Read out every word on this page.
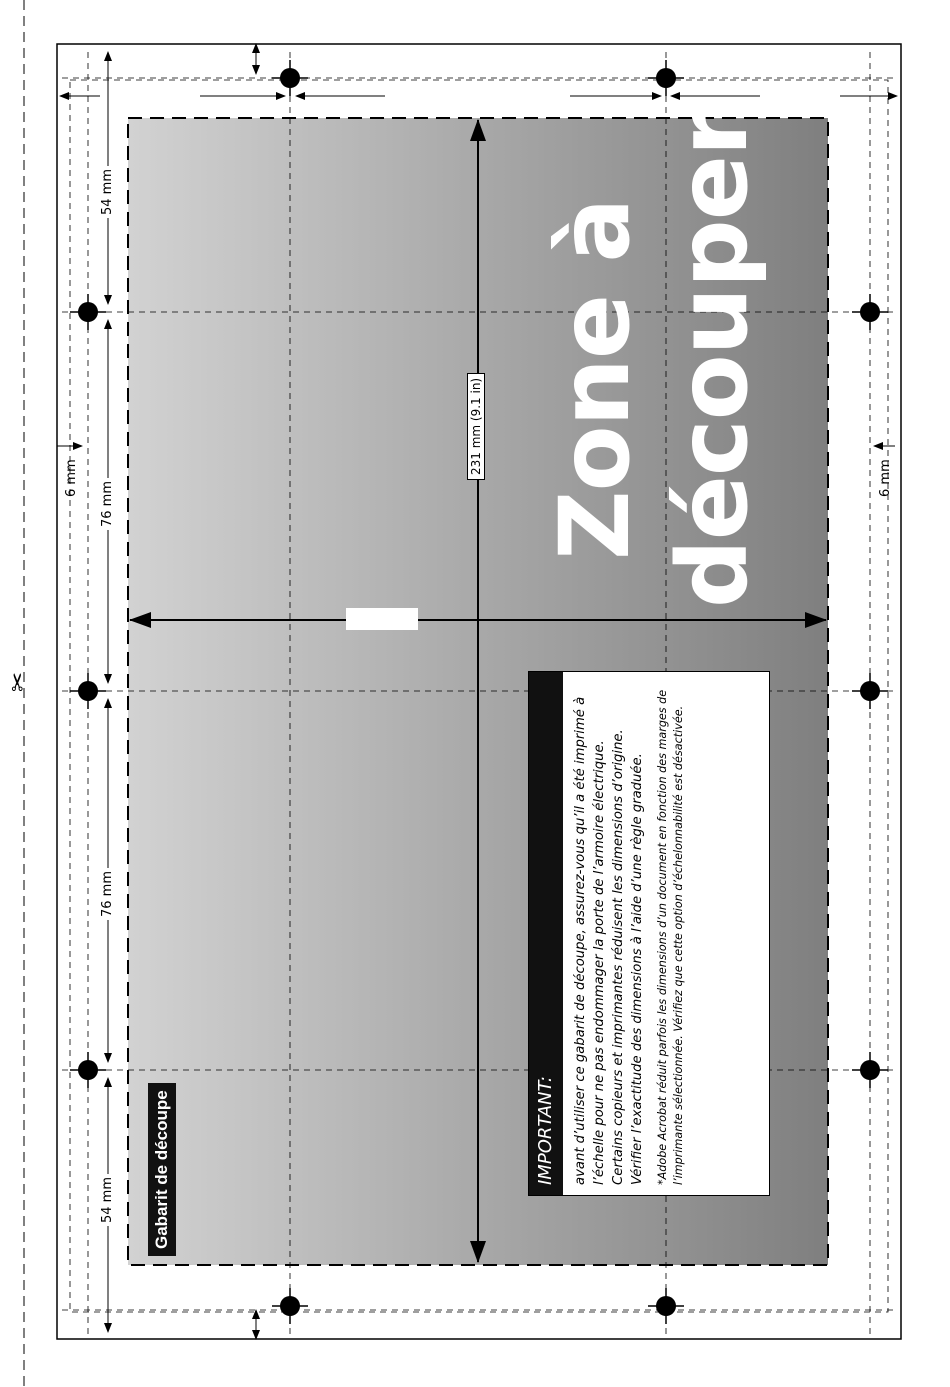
✂
54 mm
76 mm
76 mm
54 mm
6 mm	6 mm
Gabarit de découpe
231 mm (9.1 in) Zone à découper
IMPORTANT:	avant d’utiliser ce gabarit de découpe, assurez-vous qu’il a été imprimé à l’échelle pour ne pas endommager la porte de l’armoire électrique. Certains copieurs et imprimantes réduisent les dimensions d’origine. Vérifier l’exactitude des dimensions à l’aide d’une règle graduée. *Adobe Acrobat réduit parfois les dimensions d’un document en fonction des marges de l’imprimante sélectionnée. Vérifiez que cette option d’échelonnabilité est désactivée.
